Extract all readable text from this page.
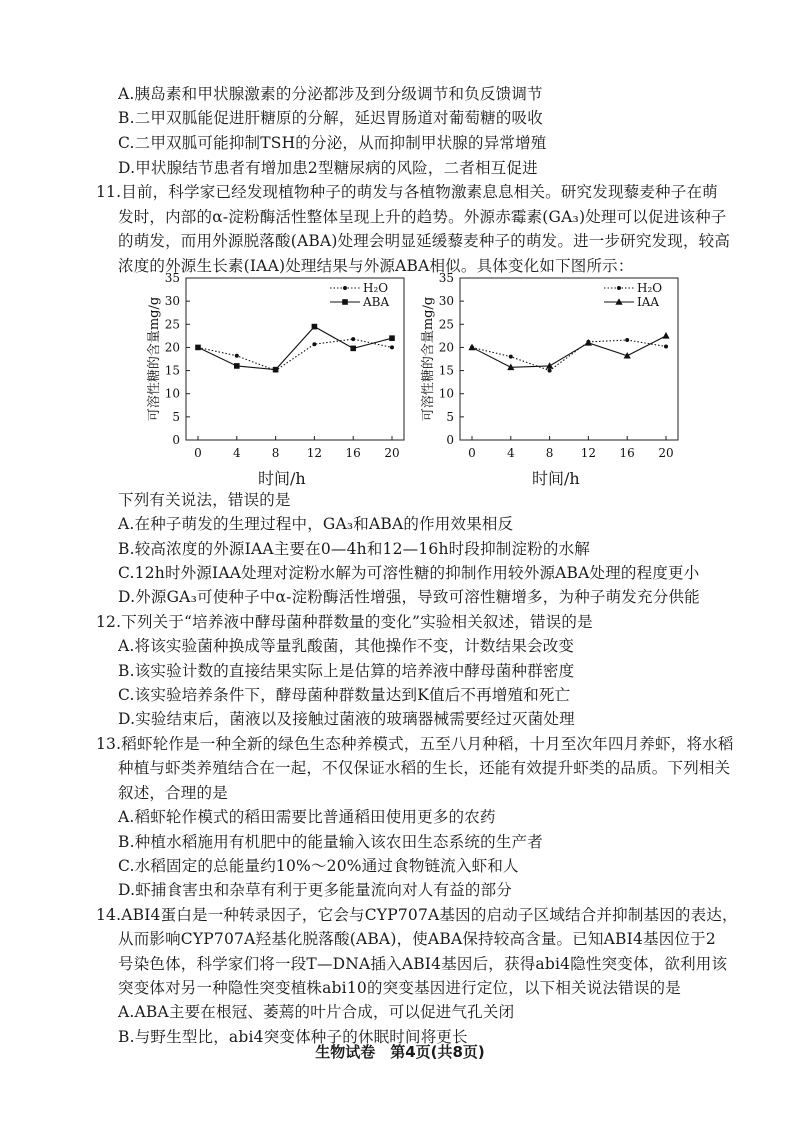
A.胰岛素和甲状腺激素的分泌都涉及到分级调节和负反馈调节
B.二甲双胍能促进肝糖原的分解，延迟胃肠道对葡萄糖的吸收
C.二甲双胍可能抑制TSH的分泌，从而抑制甲状腺的异常增殖
D.甲状腺结节患者有增加患2型糖尿病的风险，二者相互促进
11.目前，科学家已经发现植物种子的萌发与各植物激素息息相关。研究发现藜麦种子在萌
发时，内部的α-淀粉酶活性整体呈现上升的趋势。外源赤霉素(GA₃)处理可以促进该种子
的萌发，而用外源脱落酸(ABA)处理会明显延缓藜麦种子的萌发。进一步研究发现，较高
浓度的外源生长素(IAA)处理结果与外源ABA相似。具体变化如下图所示：
0
5
10
15
20
25
30
35
0	4	8 12 16 20
可溶性糖的含量mg/g
H₂O
ABA
时间/h
0
5
10
15
20
25
30
35
0	4	8 12 16 20
可溶性糖的含量mg/g
H₂O
IAA
时间/h
下列有关说法，错误的是
A.在种子萌发的生理过程中，GA₃和ABA的作用效果相反
B.较高浓度的外源IAA主要在0—4h和12—16h时段抑制淀粉的水解
C.12h时外源IAA处理对淀粉水解为可溶性糖的抑制作用较外源ABA处理的程度更小
D.外源GA₃可使种子中α-淀粉酶活性增强，导致可溶性糖增多，为种子萌发充分供能
12.下列关于“培养液中酵母菌种群数量的变化”实验相关叙述，错误的是
A.将该实验菌种换成等量乳酸菌，其他操作不变，计数结果会改变
B.该实验计数的直接结果实际上是估算的培养液中酵母菌种群密度
C.该实验培养条件下，酵母菌种群数量达到K值后不再增殖和死亡
D.实验结束后，菌液以及接触过菌液的玻璃器械需要经过灭菌处理
13.稻虾轮作是一种全新的绿色生态种养模式，五至八月种稻，十月至次年四月养虾，将水稻
种植与虾类养殖结合在一起，不仅保证水稻的生长，还能有效提升虾类的品质。下列相关
叙述，合理的是
A.稻虾轮作模式的稻田需要比普通稻田使用更多的农药
B.种植水稻施用有机肥中的能量输入该农田生态系统的生产者
C.水稻固定的总能量约10%～20%通过食物链流入虾和人
D.虾捕食害虫和杂草有利于更多能量流向对人有益的部分
14.ABI4蛋白是一种转录因子，它会与CYP707A基因的启动子区域结合并抑制基因的表达，
从而影响CYP707A羟基化脱落酸(ABA)，使ABA保持较高含量。已知ABI4基因位于2
号染色体，科学家们将一段T—DNA插入ABI4基因后，获得abi4隐性突变体，欲利用该
突变体对另一种隐性突变植株abi10的突变基因进行定位，以下相关说法错误的是
A.ABA主要在根冠、萎蔫的叶片合成，可以促进气孔关闭
B.与野生型比，abi4突变体种子的休眠时间将更长
生物试卷　第4页(共8页)
